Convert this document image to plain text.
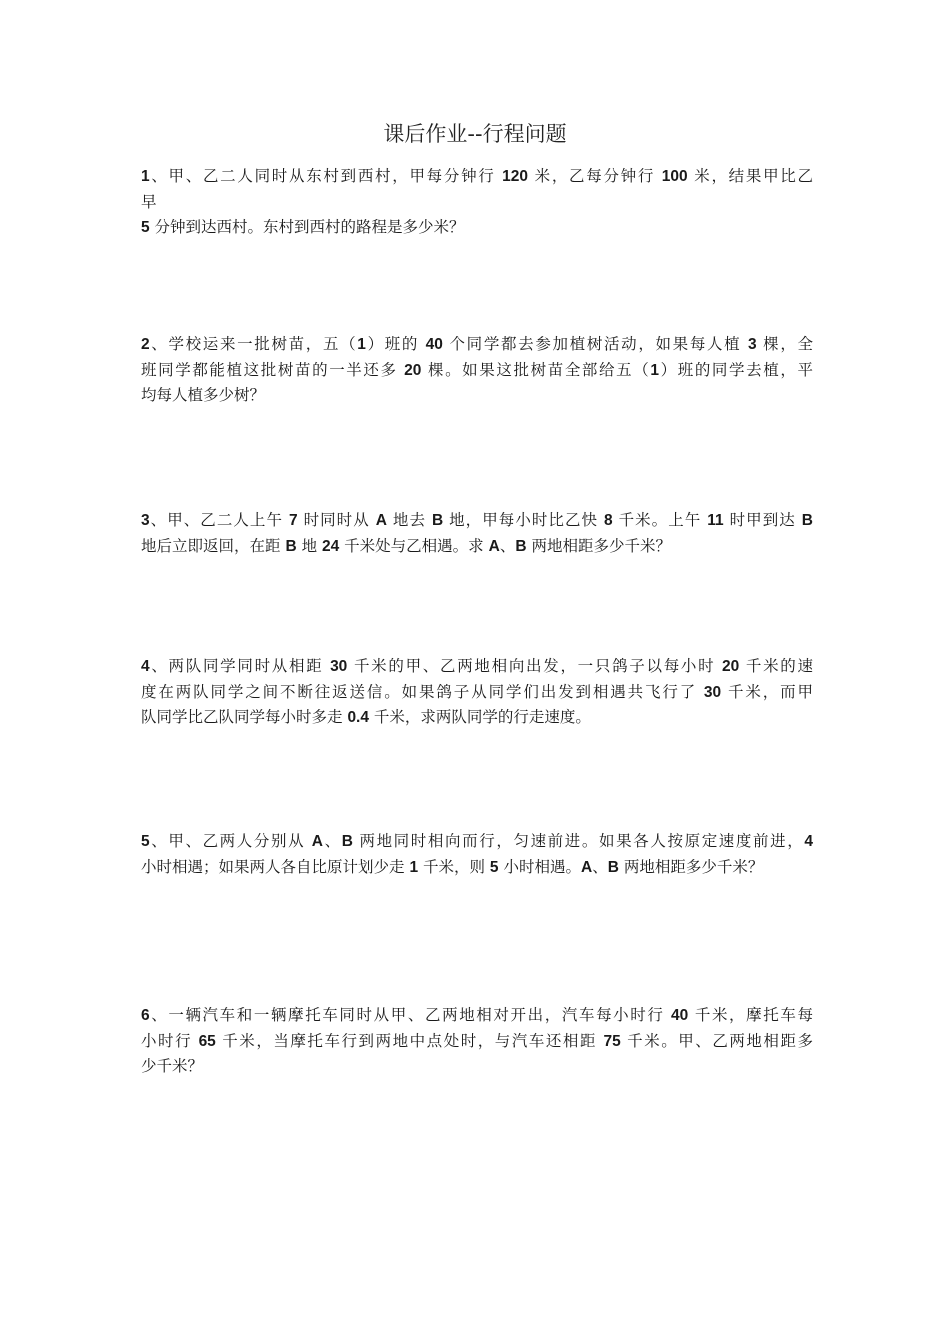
课后作业--行程问题
1、甲、乙二人同时从东村到西村，甲每分钟行 120 米，乙每分钟行 100 米，结果甲比乙
早
5 分钟到达西村。东村到西村的路程是多少米？
2、学校运来一批树苗，五（1）班的 40 个同学都去参加植树活动，如果每人植 3 棵，全
班同学都能植这批树苗的一半还多 20 棵。如果这批树苗全部给五（1）班的同学去植，平
均每人植多少树？
3、甲、乙二人上午 7 时同时从 A 地去 B 地，甲每小时比乙快 8 千米。上午 11 时甲到达 B
地后立即返回，在距 B 地 24 千米处与乙相遇。求 A、B 两地相距多少千米？
4、两队同学同时从相距 30 千米的甲、乙两地相向出发，一只鸽子以每小时 20 千米的速
度在两队同学之间不断往返送信。如果鸽子从同学们出发到相遇共飞行了 30 千米，而甲
队同学比乙队同学每小时多走 0.4 千米，求两队同学的行走速度。
5、甲、乙两人分别从 A、B 两地同时相向而行，匀速前进。如果各人按原定速度前进，4
小时相遇；如果两人各自比原计划少走 1 千米，则 5 小时相遇。A、B 两地相距多少千米？
6、一辆汽车和一辆摩托车同时从甲、乙两地相对开出，汽车每小时行 40 千米，摩托车每
小时行 65 千米，当摩托车行到两地中点处时，与汽车还相距 75 千米。甲、乙两地相距多
少千米？
